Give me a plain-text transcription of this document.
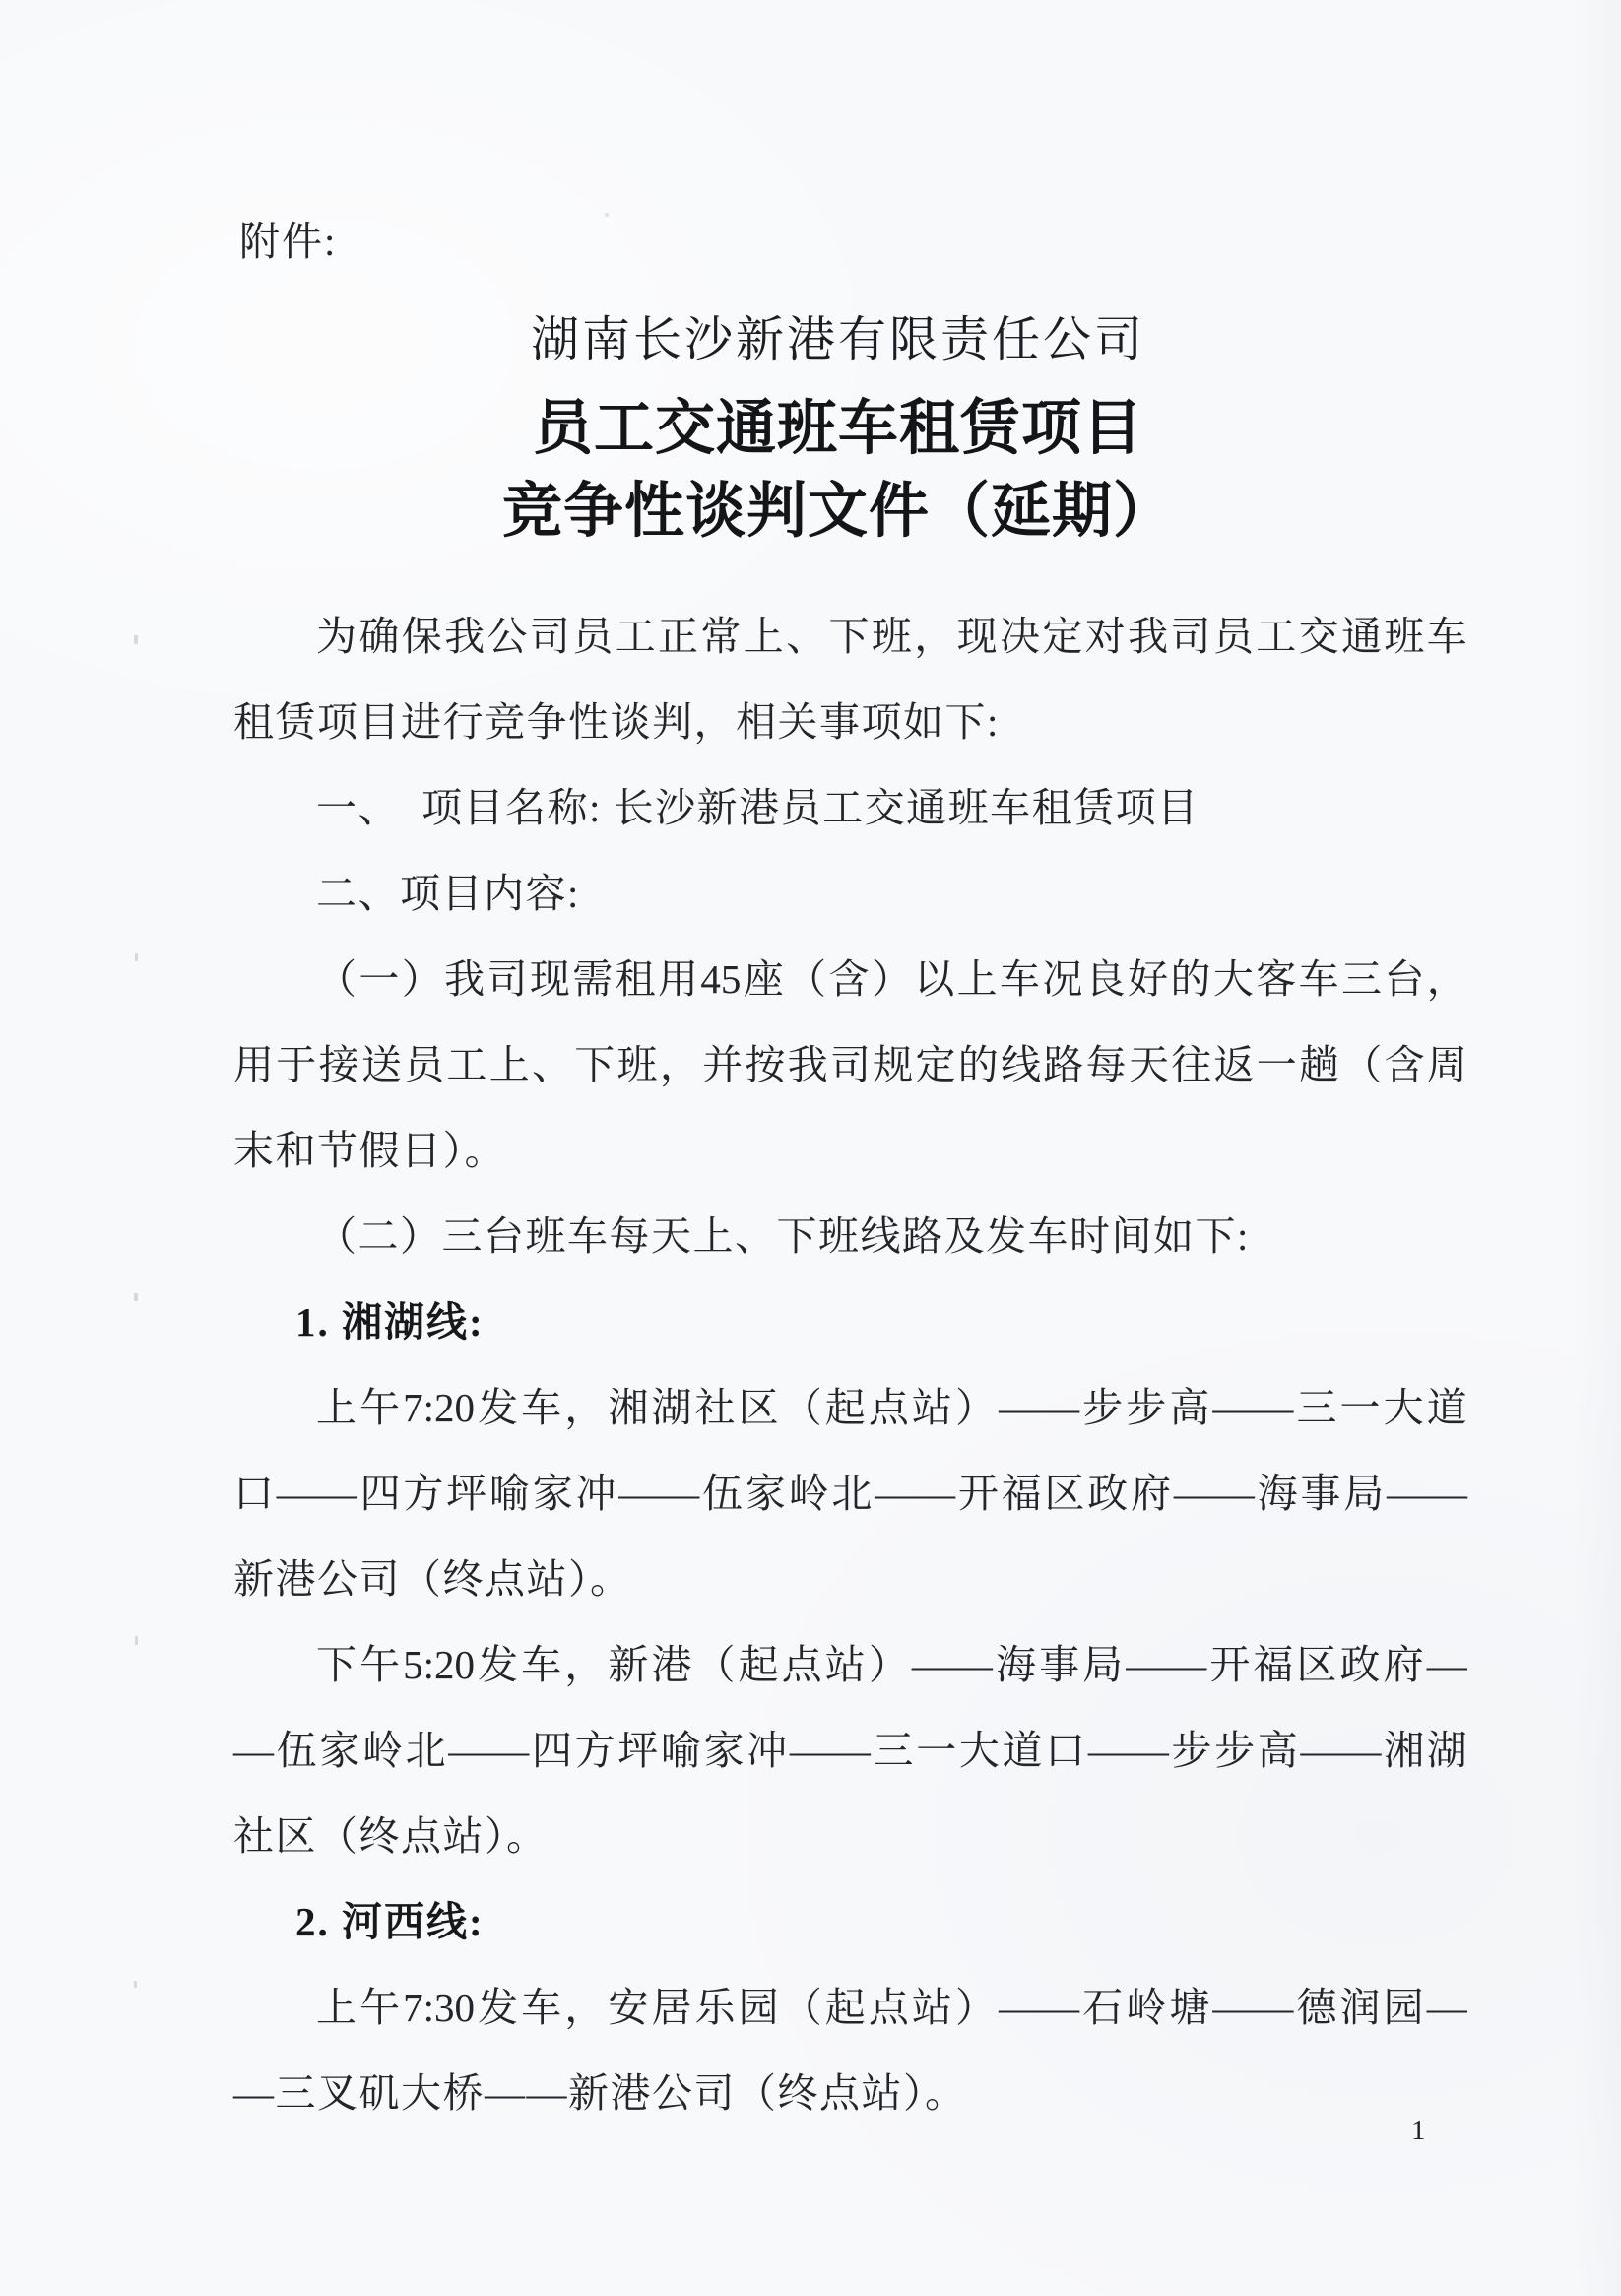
附件:
湖南长沙新港有限责任公司
员工交通班车租赁项目
竞争性谈判文件（延期）
为 确 保 我 公 司 员 工 正 常 上 、 下 班 ， 现 决 定 对 我 司 员 工 交 通 班 车
租赁项目进行竞争性谈判，相关事项如下:
一、　项目名称: 长沙新港员工交通班车租赁项目
二、项目内容:
（ 一 ） 我 司 现 需 租 用 45 座 （ 含 ） 以 上 车 况 良 好 的 大 客 车 三 台 ，
用 于 接 送 员 工 上 、 下 班 ， 并 按 我 司 规 定 的 线 路 每 天 往 返 一 趟 （ 含 周
末和节假日）。
（二）三台班车每天上、下班线路及发车时间如下:
1. 湘湖线:
上 午 7:20 发 车 ， 湘 湖 社 区 （ 起 点 站 ） —— 步 步 高 —— 三 一 大 道
口 —— 四 方 坪 喻 家 冲 —— 伍 家 岭 北 —— 开 福 区 政 府 —— 海 事 局 ——
新港公司（终点站）。
下 午 5:20 发 车 ， 新 港 （ 起 点 站 ） —— 海 事 局 —— 开 福 区 政 府 —
— 伍 家 岭 北 —— 四 方 坪 喻 家 冲 —— 三 一 大 道 口 —— 步 步 高 —— 湘 湖
社区（终点站）。
2. 河西线:
上 午 7:30 发 车 ， 安 居 乐 园 （ 起 点 站 ） —— 石 岭 塘 —— 德 润 园 —
—三叉矶大桥——新港公司（终点站）。
1
